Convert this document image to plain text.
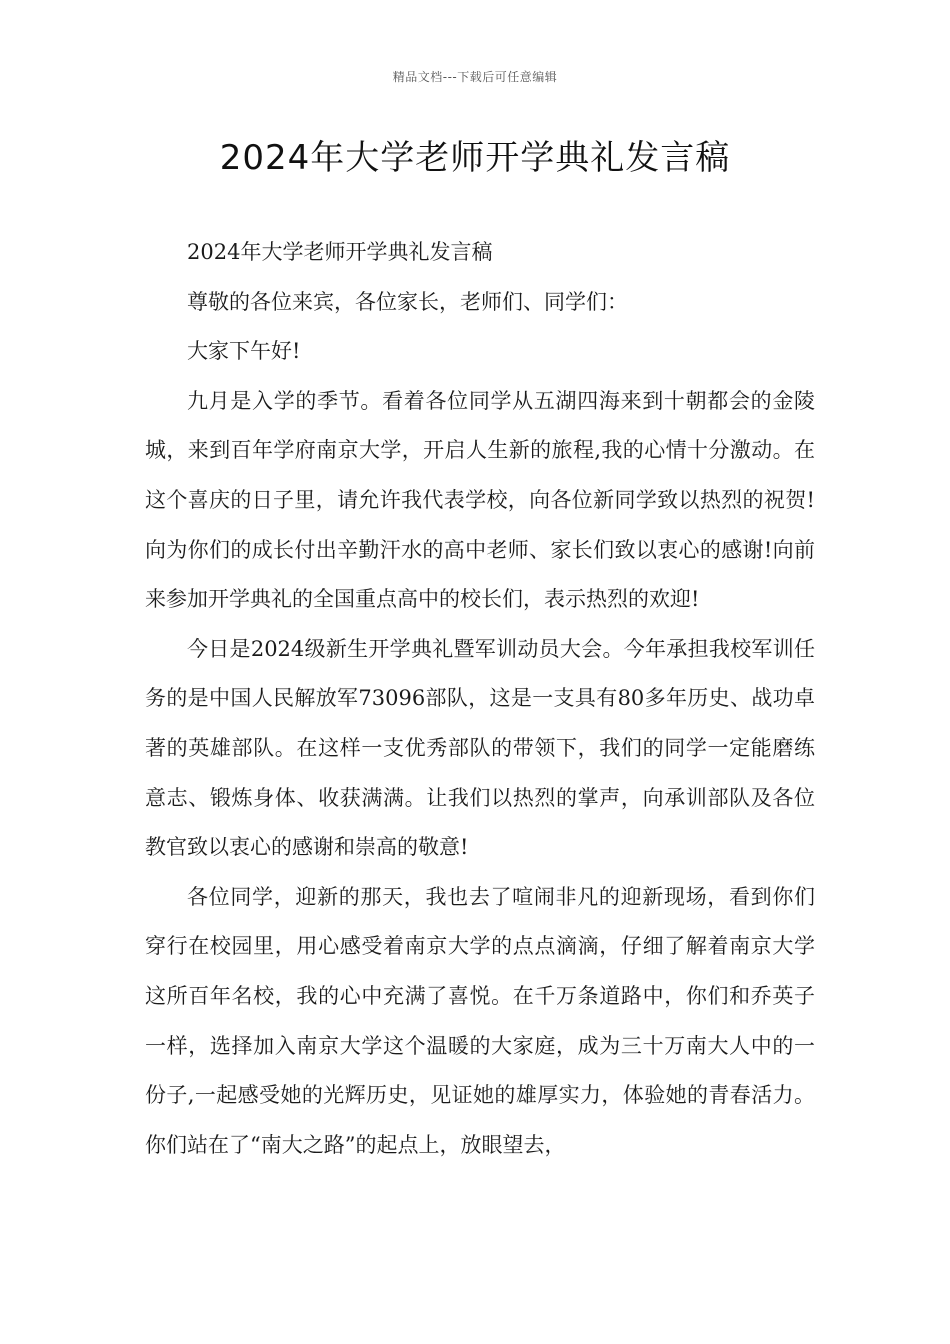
精品文档---下载后可任意编辑
2024年大学老师开学典礼发言稿

2024年大学老师开学典礼发言稿

尊敬的各位来宾，各位家长，老师们、同学们：

大家下午好!

九月是入学的季节。看着各位同学从五湖四海来到十朝都会的金陵城，来到百年学府南京大学，开启人生新的旅程,我的心情十分激动。在这个喜庆的日子里，请允许我代表学校，向各位新同学致以热烈的祝贺!向为你们的成长付出辛勤汗水的高中老师、家长们致以衷心的感谢!向前来参加开学典礼的全国重点高中的校长们，表示热烈的欢迎!

今日是2024级新生开学典礼暨军训动员大会。今年承担我校军训任务的是中国人民解放军73096部队，这是一支具有80多年历史、战功卓著的英雄部队。在这样一支优秀部队的带领下，我们的同学一定能磨练意志、锻炼身体、收获满满。让我们以热烈的掌声，向承训部队及各位教官致以衷心的感谢和崇高的敬意!

各位同学，迎新的那天，我也去了喧闹非凡的迎新现场，看到你们穿行在校园里，用心感受着南京大学的点点滴滴，仔细了解着南京大学这所百年名校，我的心中充满了喜悦。在千万条道路中，你们和乔英子一样，选择加入南京大学这个温暖的大家庭，成为三十万南大人中的一份子,一起感受她的光辉历史，见证她的雄厚实力，体验她的青春活力。你们站在了“南大之路”的起点上，放眼望去，
